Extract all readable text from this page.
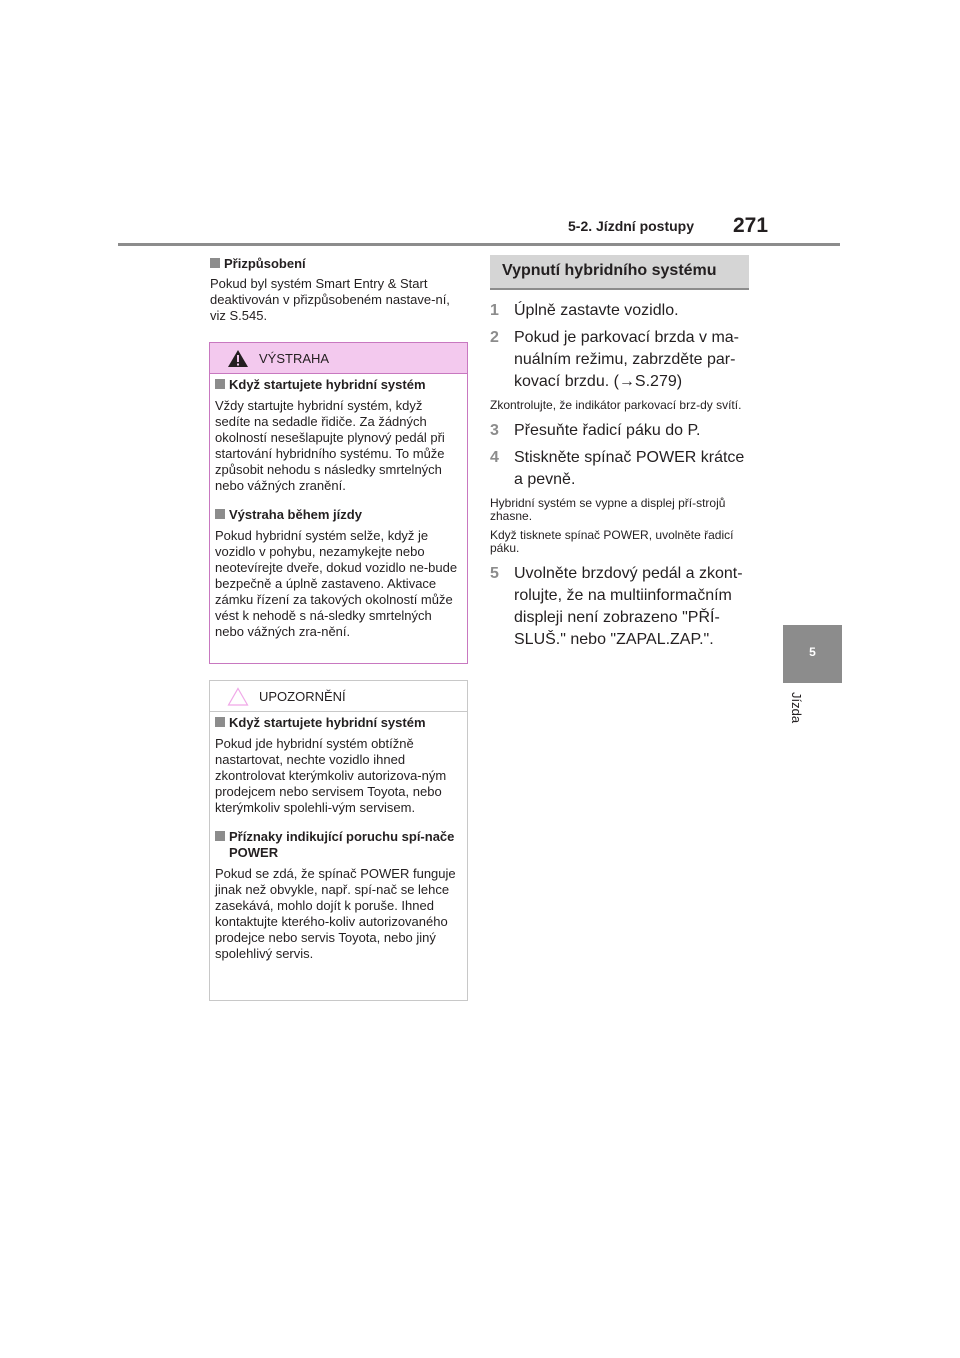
5-2. Jízdní postupy 271
5
Jízda
Přizpůsobení
Pokud byl systém Smart Entry & Start deaktivován v přizpůsobeném nastave-ní, viz S.545.
VÝSTRAHA
Když startujete hybridní systém
Vždy startujte hybridní systém, když sedíte na sedadle řidiče. Za žádných okolností nesešlapujte plynový pedál při startování hybridního systému. To může způsobit nehodu s následky smrtelných nebo vážných zranění.
Výstraha během jízdy
Pokud hybridní systém selže, když je vozidlo v pohybu, nezamykejte nebo neotevírejte dveře, dokud vozidlo ne-bude bezpečně a úplně zastaveno. Aktivace zámku řízení za takových okolností může vést k nehodě s ná-sledky smrtelných nebo vážných zra-nění.
UPOZORNĚNÍ
Když startujete hybridní systém
Pokud jde hybridní systém obtížně nastartovat, nechte vozidlo ihned zkontrolovat kterýmkoliv autorizova-ným prodejcem nebo servisem Toyota, nebo kterýmkoliv spolehli-vým servisem.
Příznaky indikující poruchu spí-nače POWER
Pokud se zdá, že spínač POWER funguje jinak než obvykle, např. spí-nač se lehce zasekává, mohlo dojít k poruše. Ihned kontaktujte kterého-koliv autorizovaného prodejce nebo servis Toyota, nebo jiný spolehlivý servis.
Vypnutí hybridního systému
1 Úplně zastavte vozidlo.
2 Pokud je parkovací brzda v ma-nuálním režimu, zabrzděte par-kovací brzdu. (→S.279)
Zkontrolujte, že indikátor parkovací brz-dy svítí.
3 Přesuňte řadicí páku do P.
4 Stiskněte spínač POWER krátce a pevně.
Hybridní systém se vypne a displej pří-strojů zhasne.
Když tisknete spínač POWER, uvolněte řadicí páku.
5 Uvolněte brzdový pedál a zkont-rolujte, že na multiinformačním displeji není zobrazeno "PŘÍ-SLUŠ." nebo "ZAPAL.ZAP.".
